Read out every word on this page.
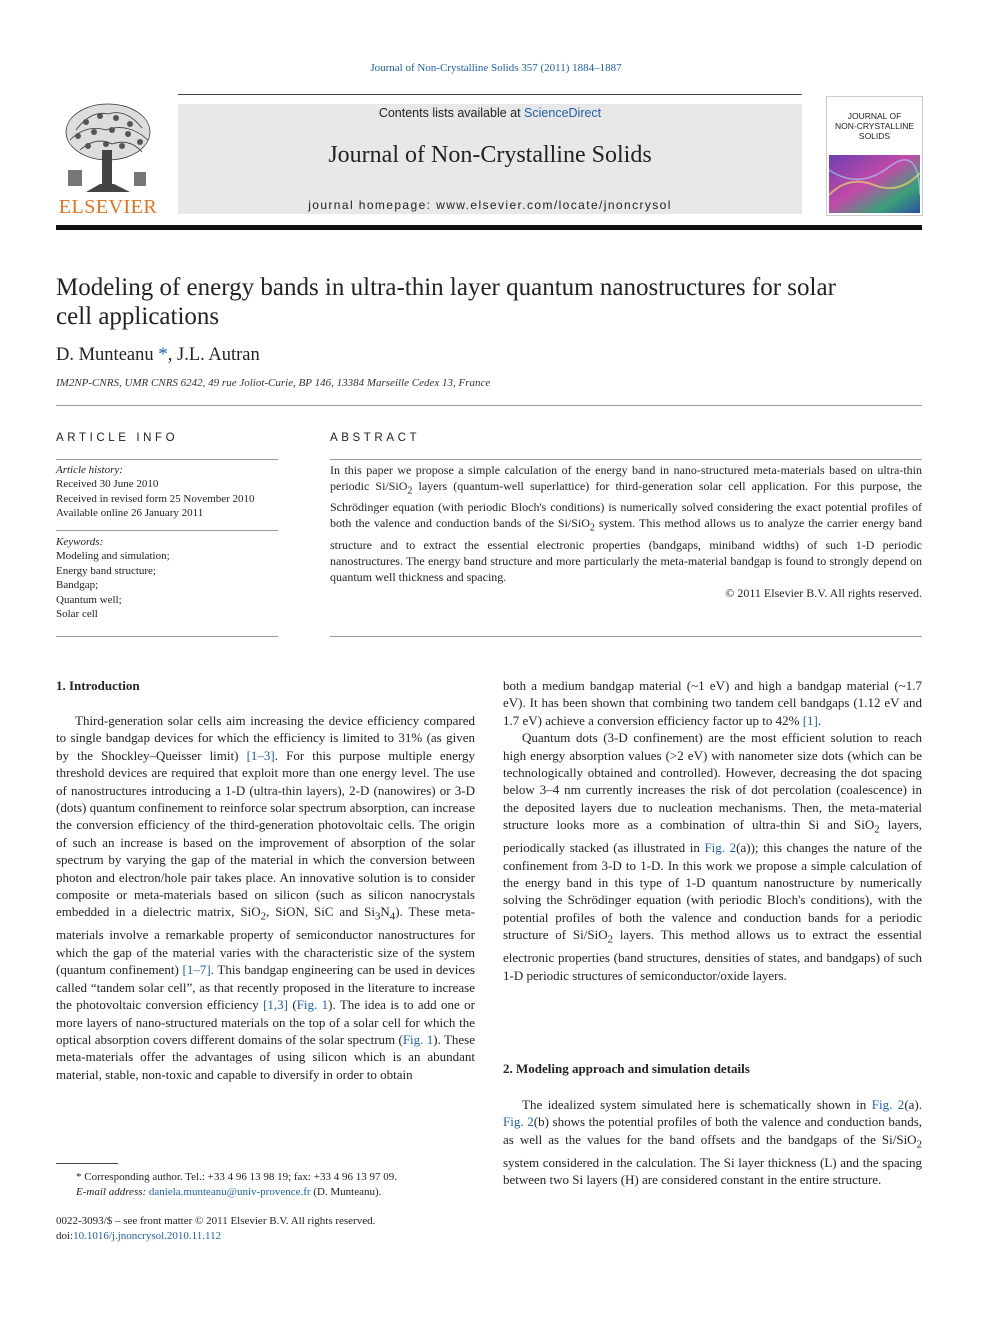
Journal of Non-Crystalline Solids 357 (2011) 1884–1887
ELSEVIER
Contents lists available at ScienceDirect
Journal of Non-Crystalline Solids
journal homepage: www.elsevier.com/locate/jnoncrysol
JOURNAL OF
NON-CRYSTALLINE SOLIDS
Modeling of energy bands in ultra-thin layer quantum nanostructures for solar cell applications
D. Munteanu *, J.L. Autran
IM2NP-CNRS, UMR CNRS 6242, 49 rue Joliot-Curie, BP 146, 13384 Marseille Cedex 13, France
ARTICLE INFO	ABSTRACT
Article history:
Received 30 June 2010
Received in revised form 25 November 2010
Available online 26 January 2011
Keywords:
Modeling and simulation;
Energy band structure;
Bandgap;
Quantum well;
Solar cell
In this paper we propose a simple calculation of the energy band in nano-structured meta-materials based on ultra-thin periodic Si/SiO$_2$ layers (quantum-well superlattice) for third-generation solar cell application. For this purpose, the Schrödinger equation (with periodic Bloch's conditions) is numerically solved considering the exact potential profiles of both the valence and conduction bands of the Si/SiO$_2$ system. This method allows us to analyze the carrier energy band structure and to extract the essential electronic properties (bandgaps, miniband widths) of such 1-D periodic nanostructures. The energy band structure and more particularly the meta-material bandgap is found to strongly depend on quantum well thickness and spacing.
© 2011 Elsevier B.V. All rights reserved.
1. Introduction

Third-generation solar cells aim increasing the device efficiency compared to single bandgap devices for which the efficiency is limited to 31% (as given by the Shockley–Queisser limit) [1–3]. For this purpose multiple energy threshold devices are required that exploit more than one energy level. The use of nanostructures introducing a 1-D (ultra-thin layers), 2-D (nanowires) or 3-D (dots) quantum confinement to reinforce solar spectrum absorption, can increase the conversion efficiency of the third-generation photovoltaic cells. The origin of such an increase is based on the improvement of absorption of the solar spectrum by varying the gap of the material in which the conversion between photon and electron/hole pair takes place. An innovative solution is to consider composite or meta-materials based on silicon (such as silicon nanocrystals embedded in a dielectric matrix, SiO$_2$, SiON, SiC and $Si_3N_4$). These meta-materials involve a remarkable property of semiconductor nanostructures for which the gap of the material varies with the characteristic size of the system (quantum confinement) [1–7]. This bandgap engineering can be used in devices called “tandem solar cell”, as that recently proposed in the literature to increase the photovoltaic conversion efficiency [1,3] (Fig. 1). The idea is to add one or more layers of nano-structured materials on the top of a solar cell for which the optical absorption covers different domains of the solar spectrum (Fig. 1). These meta-materials offer the advantages of using silicon which is an abundant material, stable, non-toxic and capable to diversify in order to obtain

both a medium bandgap material (~1 eV) and high a bandgap material (~1.7 eV). It has been shown that combining two tandem cell bandgaps (1.12 eV and 1.7 eV) achieve a conversion efficiency factor up to 42% [1].

Quantum dots (3-D confinement) are the most efficient solution to reach high energy absorption values (>2 eV) with nanometer size dots (which can be technologically obtained and controlled). However, decreasing the dot spacing below 3–4 nm currently increases the risk of dot percolation (coalescence) in the deposited layers due to nucleation mechanisms. Then, the meta-material structure looks more as a combination of ultra-thin Si and SiO$_2$ layers, periodically stacked (as illustrated in Fig. 2(a)); this changes the nature of the confinement from 3-D to 1-D. In this work we propose a simple calculation of the energy band in this type of 1-D quantum nanostructure by numerically solving the Schrödinger equation (with periodic Bloch's conditions), with the potential profiles of both the valence and conduction bands for a periodic structure of Si/SiO$_2$ layers. This method allows us to extract the essential electronic properties (band structures, densities of states, and bandgaps) of such 1-D periodic structures of semiconductor/oxide layers.

2. Modeling approach and simulation details

The idealized system simulated here is schematically shown in Fig. 2(a). Fig. 2(b) shows the potential profiles of both the valence and conduction bands, as well as the values for the band offsets and the bandgaps of the Si/SiO$_2$ system considered in the calculation. The Si layer thickness (L) and the spacing between two Si layers (H) are considered constant in the entire structure.

* Corresponding author. Tel.: +33 4 96 13 98 19; fax: +33 4 96 13 97 09.
E-mail address: daniela.munteanu@univ-provence.fr (D. Munteanu).
0022-3093/$ – see front matter © 2011 Elsevier B.V. All rights reserved.
doi:10.1016/j.jnoncrysol.2010.11.112
